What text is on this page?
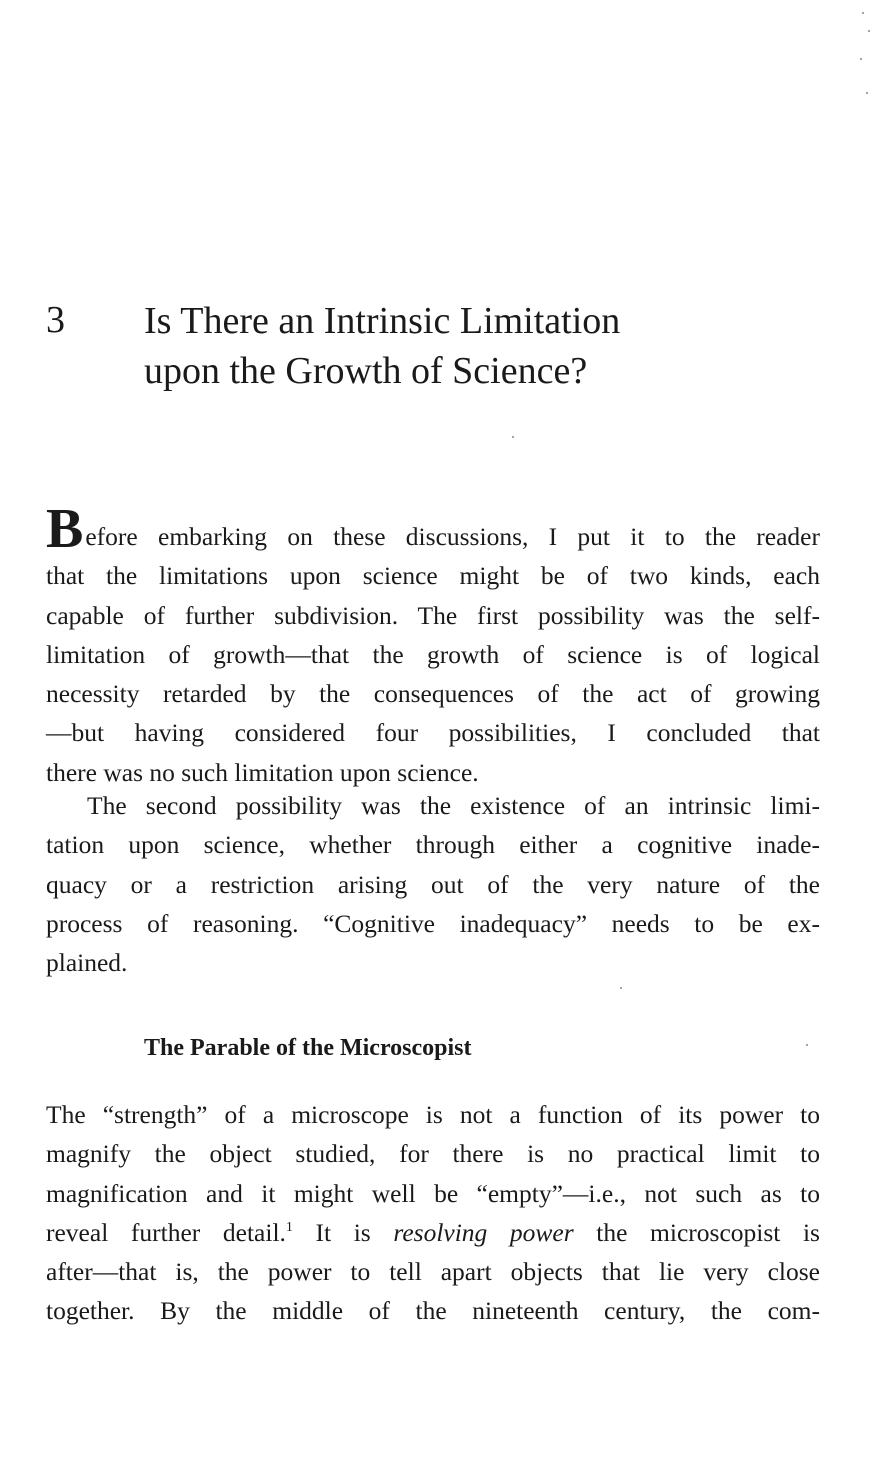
3 Is There an Intrinsic Limitation
upon the Growth of Science?
Before embarking on these discussions, I put it to the reader
that the limitations upon science might be of two kinds, each
capable of further subdivision. The first possibility was the self-
limitation of growth—that the growth of science is of logical
necessity retarded by the consequences of the act of growing
—but having considered four possibilities, I concluded that
there was no such limitation upon science.
The second possibility was the existence of an intrinsic limi-
tation upon science, whether through either a cognitive inade-
quacy or a restriction arising out of the very nature of the
process of reasoning. “Cognitive inadequacy” needs to be ex-
plained.
The Parable of the Microscopist
The “strength” of a microscope is not a function of its power to
magnify the object studied, for there is no practical limit to
magnification and it might well be “empty”—i.e., not such as to
reveal further detail.$^1$ It is resolving power the microscopist is
after—that is, the power to tell apart objects that lie very close
together. By the middle of the nineteenth century, the com-
